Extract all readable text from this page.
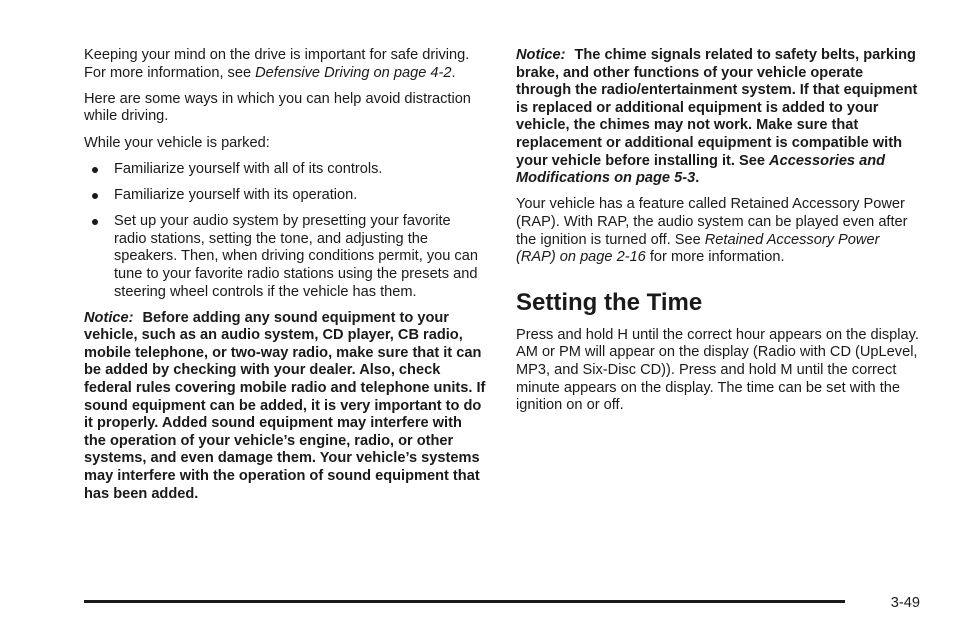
Keeping your mind on the drive is important for safe driving. For more information, see Defensive Driving on page 4-2.

Here are some ways in which you can help avoid distraction while driving.

While your vehicle is parked:

Familiarize yourself with all of its controls.
Familiarize yourself with its operation.
Set up your audio system by presetting your favorite radio stations, setting the tone, and adjusting the speakers. Then, when driving conditions permit, you can tune to your favorite radio stations using the presets and steering wheel controls if the vehicle has them.

Notice: Before adding any sound equipment to your vehicle, such as an audio system, CD player, CB radio, mobile telephone, or two-way radio, make sure that it can be added by checking with your dealer. Also, check federal rules covering mobile radio and telephone units. If sound equipment can be added, it is very important to do it properly. Added sound equipment may interfere with the operation of your vehicle’s engine, radio, or other systems, and even damage them. Your vehicle’s systems may interfere with the operation of sound equipment that has been added.

Notice: The chime signals related to safety belts, parking brake, and other functions of your vehicle operate through the radio/entertainment system. If that equipment is replaced or additional equipment is added to your vehicle, the chimes may not work. Make sure that replacement or additional equipment is compatible with your vehicle before installing it. See Accessories and Modifications on page 5-3.

Your vehicle has a feature called Retained Accessory Power (RAP). With RAP, the audio system can be played even after the ignition is turned off. See Retained Accessory Power (RAP) on page 2-16 for more information.

Setting the Time

Press and hold H until the correct hour appears on the display. AM or PM will appear on the display (Radio with CD (UpLevel, MP3, and Six-Disc CD)). Press and hold M until the correct minute appears on the display. The time can be set with the ignition on or off.

3-49
